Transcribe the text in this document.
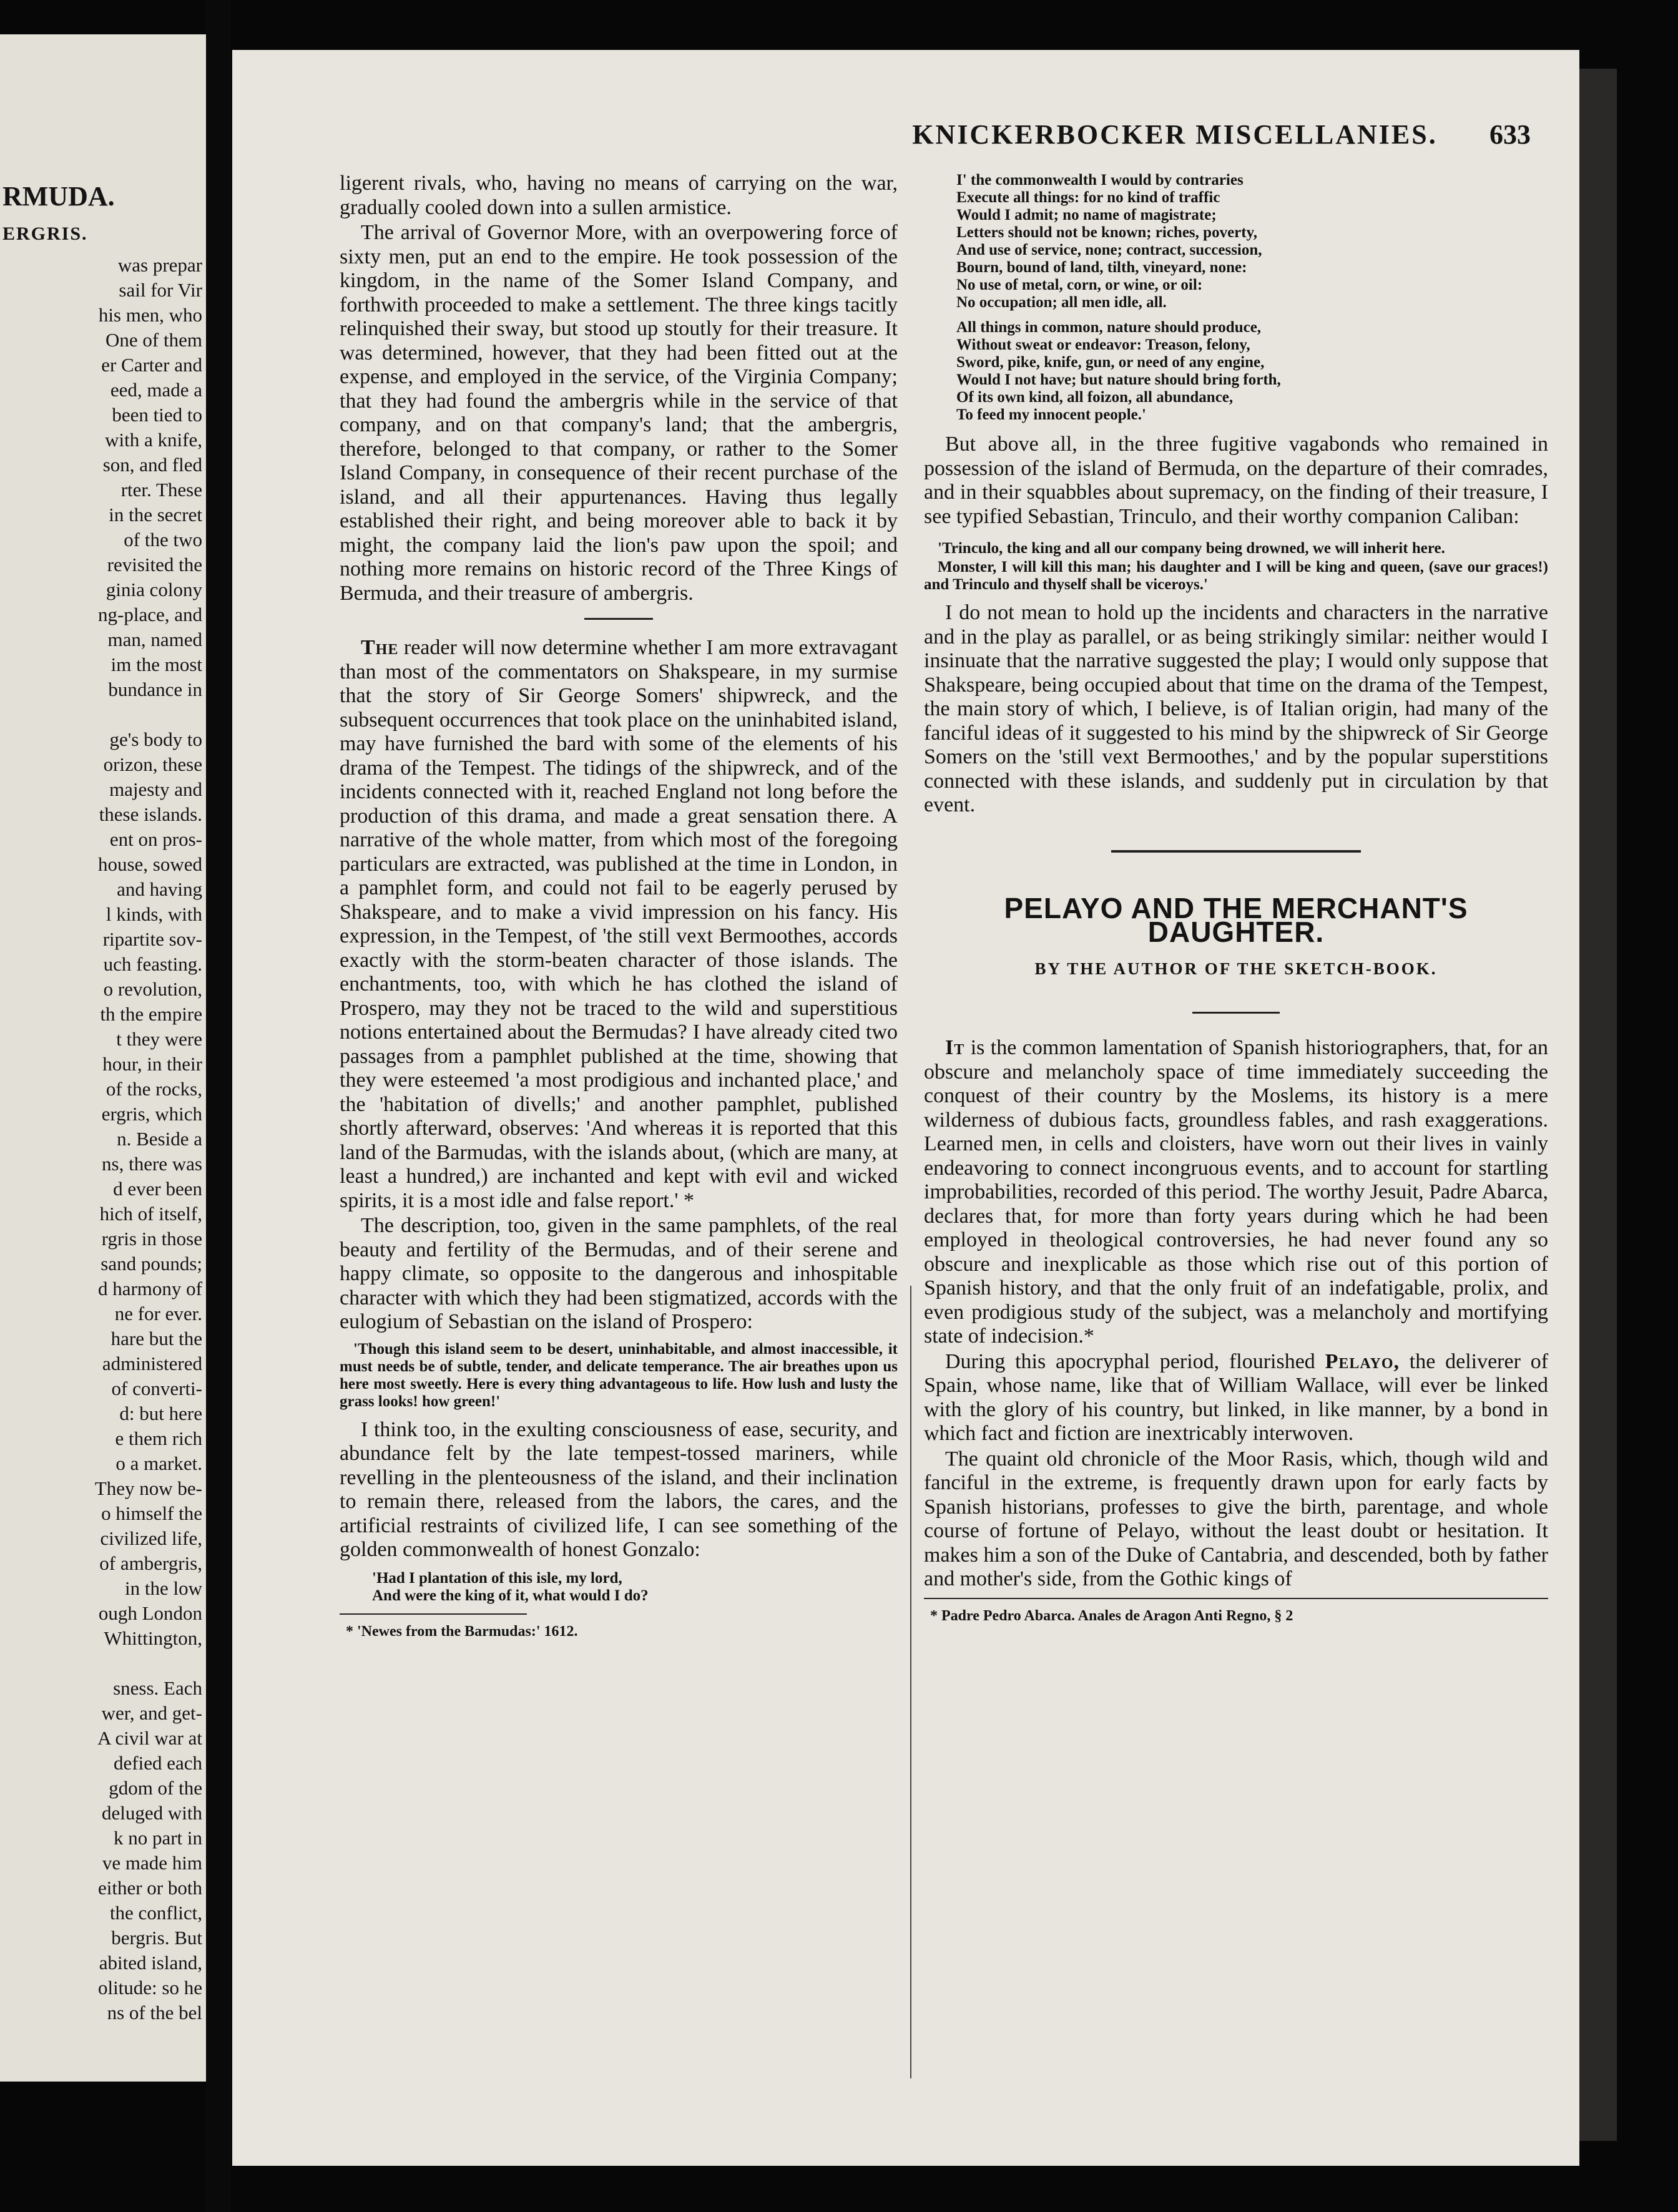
RMUDA.
ERGRIS.
was prepar
sail for Vir
his men, who
One of them
er Carter and
eed, made a
been tied to
with a knife,
son, and fled
rter. These
in the secret
of the two
revisited the
ginia colony
ng-place, and
man, named
im the most
bundance in

ge's body to
orizon, these
majesty and
these islands.
ent on pros-
house, sowed
and having
l kinds, with
ripartite sov-
uch feasting.
o revolution,
th the empire
t they were
hour, in their
of the rocks,
ergris, which
n. Beside a
ns, there was
d ever been
hich of itself,
rgris in those
sand pounds;
d harmony of
ne for ever.
hare but the
administered
of converti-
d: but here
e them rich
o a market.
They now be-
o himself the
civilized life,
of ambergris,
in the low
ough London
Whittington,

sness. Each
wer, and get-
A civil war at
defied each
gdom of the
deluged with
k no part in
ve made him
either or both
the conflict,
bergris. But
abited island,
olitude: so he
ns of the bel
KNICKERBOCKER MISCELLANIES.	633

ligerent rivals, who, having no means of carrying on the war, gradually cooled down into a sullen armistice.

The arrival of Governor More, with an overpowering force of sixty men, put an end to the empire. He took possession of the kingdom, in the name of the Somer Island Company, and forthwith proceeded to make a settlement. The three kings tacitly relinquished their sway, but stood up stoutly for their treasure. It was determined, however, that they had been fitted out at the expense, and employed in the service, of the Virginia Company; that they had found the ambergris while in the service of that company, and on that company's land; that the ambergris, therefore, belonged to that company, or rather to the Somer Island Company, in consequence of their recent purchase of the island, and all their appurtenances. Having thus legally established their right, and being moreover able to back it by might, the company laid the lion's paw upon the spoil; and nothing more remains on historic record of the Three Kings of Bermuda, and their treasure of ambergris.

The reader will now determine whether I am more extravagant than most of the commentators on Shakspeare, in my surmise that the story of Sir George Somers' shipwreck, and the subsequent occurrences that took place on the uninhabited island, may have furnished the bard with some of the elements of his drama of the Tempest. The tidings of the shipwreck, and of the incidents connected with it, reached England not long before the production of this drama, and made a great sensation there. A narrative of the whole matter, from which most of the foregoing particulars are extracted, was published at the time in London, in a pamphlet form, and could not fail to be eagerly perused by Shakspeare, and to make a vivid impression on his fancy. His expression, in the Tempest, of 'the still vext Bermoothes, accords exactly with the storm-beaten character of those islands. The enchantments, too, with which he has clothed the island of Prospero, may they not be traced to the wild and superstitious notions entertained about the Bermudas? I have already cited two passages from a pamphlet published at the time, showing that they were esteemed 'a most prodigious and inchanted place,' and the 'habitation of divells;' and another pamphlet, published shortly afterward, observes: 'And whereas it is reported that this land of the Barmudas, with the islands about, (which are many, at least a hundred,) are inchanted and kept with evil and wicked spirits, it is a most idle and false report.' *

The description, too, given in the same pamphlets, of the real beauty and fertility of the Bermudas, and of their serene and happy climate, so opposite to the dangerous and inhospitable character with which they had been stigmatized, accords with the eulogium of Sebastian on the island of Prospero:

'Though this island seem to be desert, uninhabitable, and almost inaccessible, it must needs be of subtle, tender, and delicate temperance. The air breathes upon us here most sweetly. Here is every thing advantageous to life. How lush and lusty the grass looks! how green!'

I think too, in the exulting consciousness of ease, security, and abundance felt by the late tempest-tossed mariners, while revelling in the plenteousness of the island, and their inclination to remain there, released from the labors, the cares, and the artificial restraints of civilized life, I can see something of the golden commonwealth of honest Gonzalo:

'Had I plantation of this isle, my lord,
And were the king of it, what would I do?

* 'Newes from the Barmudas:' 1612.

I' the commonwealth I would by contraries
Execute all things: for no kind of traffic
Would I admit; no name of magistrate;
Letters should not be known; riches, poverty,
And use of service, none; contract, succession,
Bourn, bound of land, tilth, vineyard, none:
No use of metal, corn, or wine, or oil:
No occupation; all men idle, all.
All things in common, nature should produce,
Without sweat or endeavor: Treason, felony,
Sword, pike, knife, gun, or need of any engine,
Would I not have; but nature should bring forth,
Of its own kind, all foizon, all abundance,
To feed my innocent people.'

But above all, in the three fugitive vagabonds who remained in possession of the island of Bermuda, on the departure of their comrades, and in their squabbles about supremacy, on the finding of their treasure, I see typified Sebastian, Trinculo, and their worthy companion Caliban:

'Trinculo, the king and all our company being drowned, we will inherit here.

Monster, I will kill this man; his daughter and I will be king and queen, (save our graces!) and Trinculo and thyself shall be viceroys.'

I do not mean to hold up the incidents and characters in the narrative and in the play as parallel, or as being strikingly similar: neither would I insinuate that the narrative suggested the play; I would only suppose that Shakspeare, being occupied about that time on the drama of the Tempest, the main story of which, I believe, is of Italian origin, had many of the fanciful ideas of it suggested to his mind by the shipwreck of Sir George Somers on the 'still vext Bermoothes,' and by the popular superstitions connected with these islands, and suddenly put in circulation by that event.

PELAYO AND THE MERCHANT'S DAUGHTER.
BY THE AUTHOR OF THE SKETCH-BOOK.

It is the common lamentation of Spanish historiographers, that, for an obscure and melancholy space of time immediately succeeding the conquest of their country by the Moslems, its history is a mere wilderness of dubious facts, groundless fables, and rash exaggerations. Learned men, in cells and cloisters, have worn out their lives in vainly endeavoring to connect incongruous events, and to account for startling improbabilities, recorded of this period. The worthy Jesuit, Padre Abarca, declares that, for more than forty years during which he had been employed in theological controversies, he had never found any so obscure and inexplicable as those which rise out of this portion of Spanish history, and that the only fruit of an indefatigable, prolix, and even prodigious study of the subject, was a melancholy and mortifying state of indecision.*

During this apocryphal period, flourished Pelayo, the deliverer of Spain, whose name, like that of William Wallace, will ever be linked with the glory of his country, but linked, in like manner, by a bond in which fact and fiction are inextricably interwoven.

The quaint old chronicle of the Moor Rasis, which, though wild and fanciful in the extreme, is frequently drawn upon for early facts by Spanish historians, professes to give the birth, parentage, and whole course of fortune of Pelayo, without the least doubt or hesitation. It makes him a son of the Duke of Cantabria, and descended, both by father and mother's side, from the Gothic kings of

* Padre Pedro Abarca. Anales de Aragon Anti Regno, § 2
